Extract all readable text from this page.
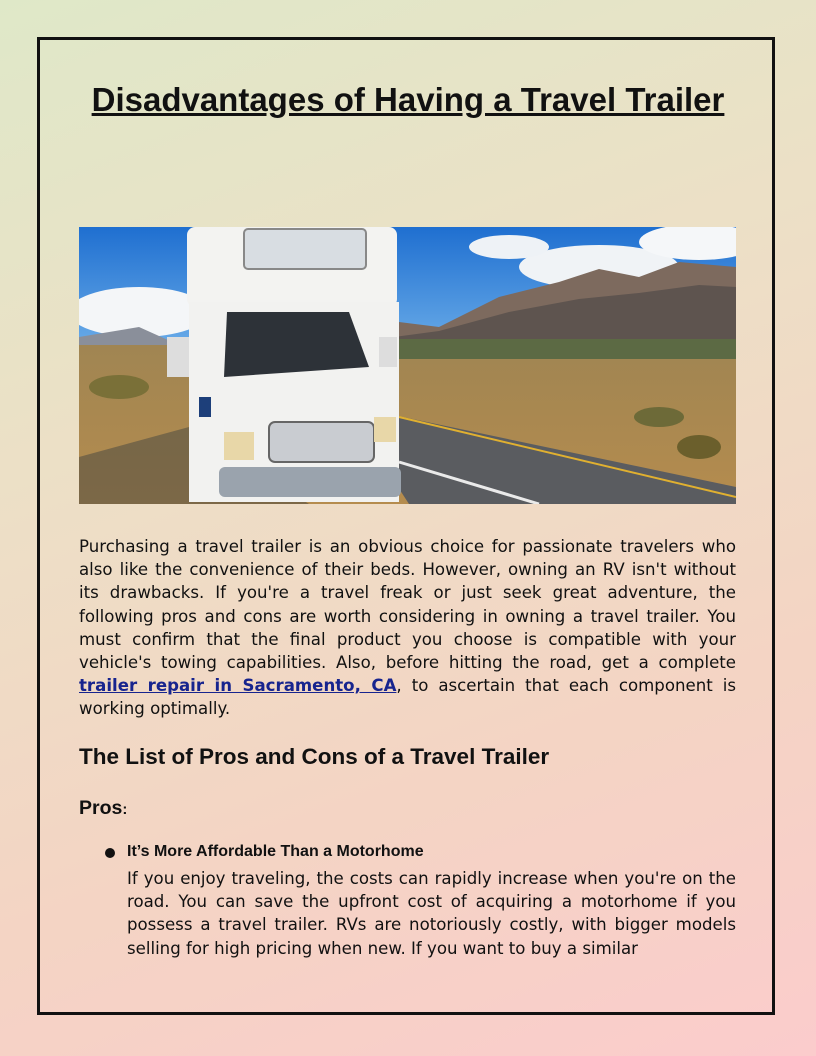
Disadvantages of Having a Travel Trailer

Purchasing a travel trailer is an obvious choice for passionate travelers who also like the convenience of their beds. However, owning an RV isn't without its drawbacks. If you're a travel freak or just seek great adventure, the following pros and cons are worth considering in owning a travel trailer. You must confirm that the final product you choose is compatible with your vehicle's towing capabilities. Also, before hitting the road, get a complete trailer repair in Sacramento, CA, to ascertain that each component is working optimally.

The List of Pros and Cons of a Travel Trailer
Pros:

It’s More Affordable Than a Motorhome

If you enjoy traveling, the costs can rapidly increase when you're on the road. You can save the upfront cost of acquiring a motorhome if you possess a travel trailer. RVs are notoriously costly, with bigger models selling for high pricing when new. If you want to buy a similar
